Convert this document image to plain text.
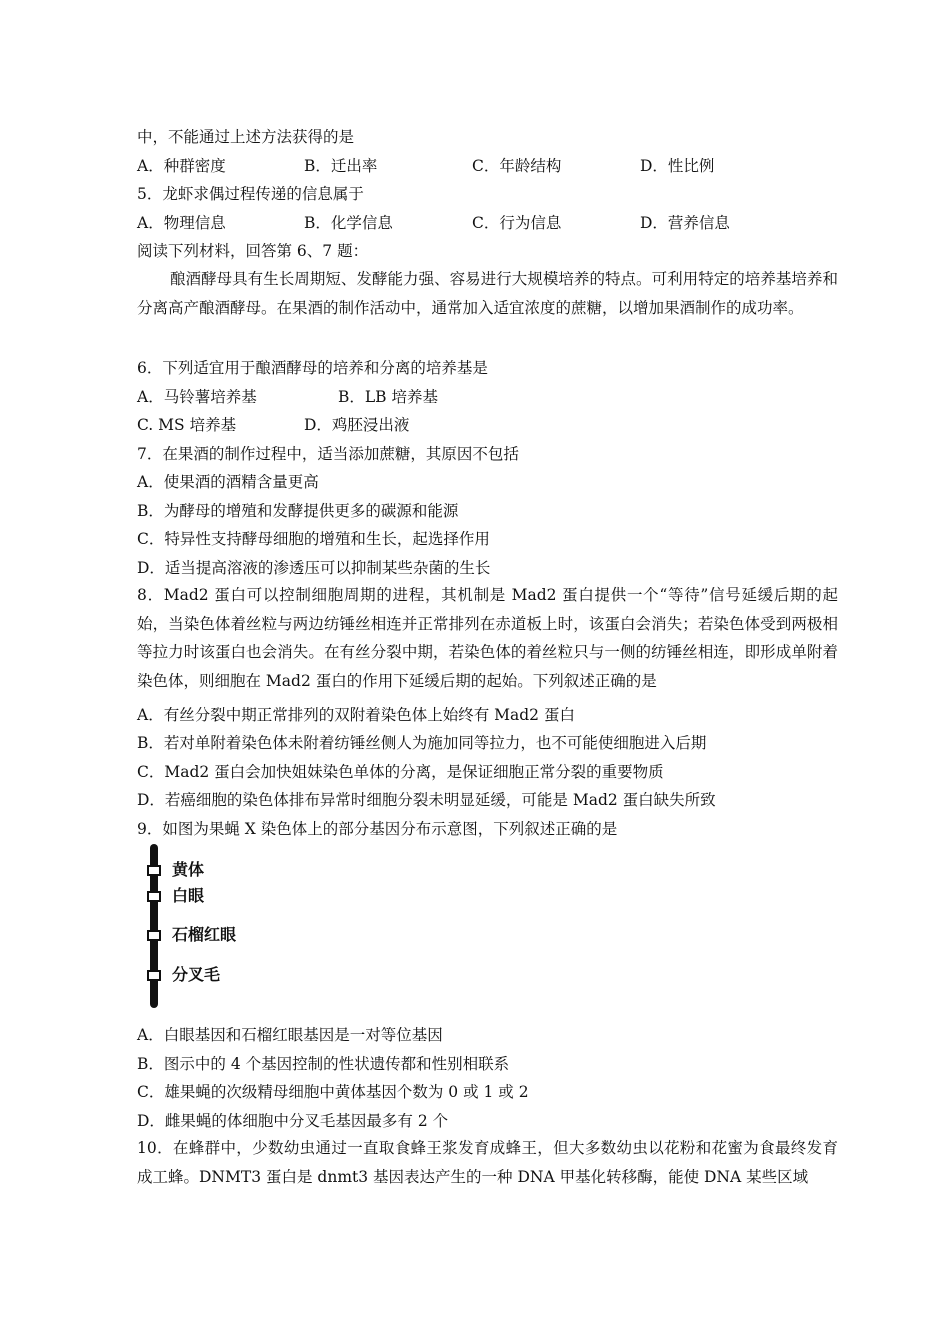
中，不能通过上述方法获得的是
A．种群密度	B．迁出率	C．年龄结构	D．性比例
5．龙虾求偶过程传递的信息属于
A．物理信息	B．化学信息	C．行为信息	D．营养信息
阅读下列材料，回答第 6、7 题：
酿酒酵母具有生长周期短、发酵能力强、容易进行大规模培养的特点。可利用特定的培养基培养和分离高产酿酒酵母。在果酒的制作活动中，通常加入适宜浓度的蔗糖，以增加果酒制作的成功率。
6．下列适宜用于酿酒酵母的培养和分离的培养基是
A．马铃薯培养基	B．LB 培养基
C. MS 培养基	D．鸡胚浸出液
7．在果酒的制作过程中，适当添加蔗糖，其原因不包括
A．使果酒的酒精含量更高
B．为酵母的增殖和发酵提供更多的碳源和能源
C．特异性支持酵母细胞的增殖和生长，起选择作用
D．适当提高溶液的渗透压可以抑制某些杂菌的生长
8．Mad2 蛋白可以控制细胞周期的进程，其机制是 Mad2 蛋白提供一个“等待”信号延缓后期的起始，当染色体着丝粒与两边纺锤丝相连并正常排列在赤道板上时，该蛋白会消失；若染色体受到两极相等拉力时该蛋白也会消失。在有丝分裂中期，若染色体的着丝粒只与一侧的纺锤丝相连，即形成单附着染色体，则细胞在 Mad2 蛋白的作用下延缓后期的起始。下列叙述正确的是
A．有丝分裂中期正常排列的双附着染色体上始终有 Mad2 蛋白
B．若对单附着染色体未附着纺锤丝侧人为施加同等拉力，也不可能使细胞进入后期
C．Mad2 蛋白会加快姐妹染色单体的分离，是保证细胞正常分裂的重要物质
D．若癌细胞的染色体排布异常时细胞分裂未明显延缓，可能是 Mad2 蛋白缺失所致
9．如图为果蝇 X 染色体上的部分基因分布示意图，下列叙述正确的是
黄体
白眼
石榴红眼
分叉毛
A．白眼基因和石榴红眼基因是一对等位基因
B．图示中的 4 个基因控制的性状遗传都和性别相联系
C．雄果蝇的次级精母细胞中黄体基因个数为 0 或 1 或 2
D．雌果蝇的体细胞中分叉毛基因最多有 2 个
10．在蜂群中，少数幼虫通过一直取食蜂王浆发育成蜂王，但大多数幼虫以花粉和花蜜为食最终发育成工蜂。DNMT3 蛋白是 dnmt3 基因表达产生的一种 DNA 甲基化转移酶，能使 DNA 某些区域
